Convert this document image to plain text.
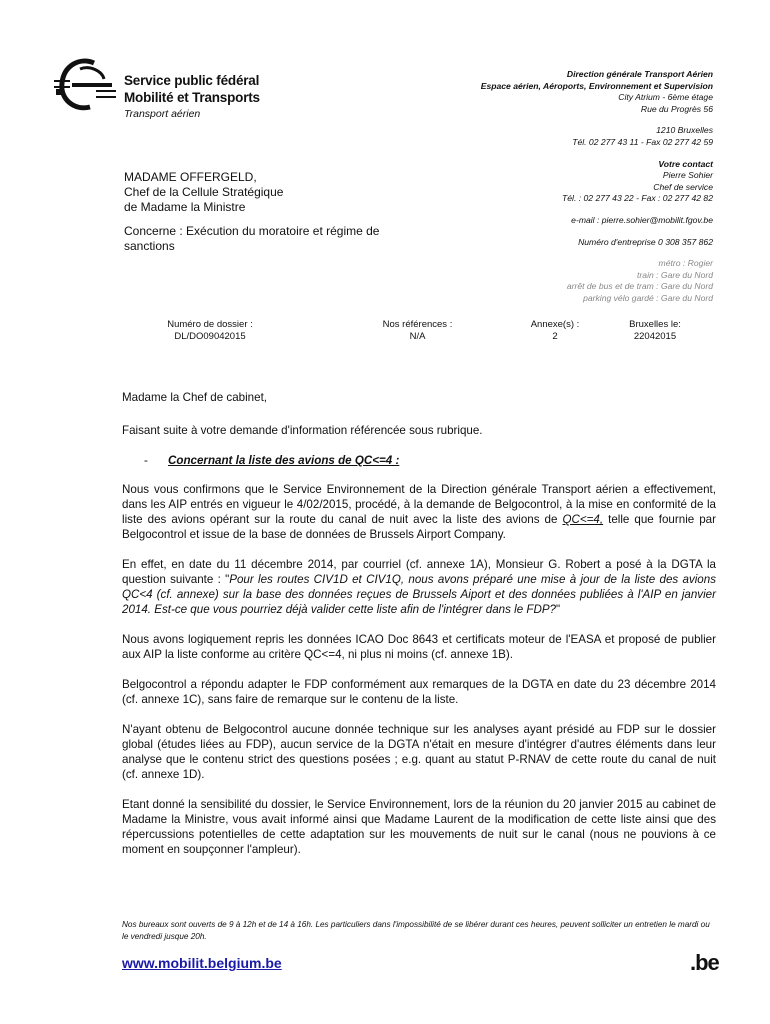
Service public fédéral
Mobilité et Transports
Transport aérien
Direction générale Transport Aérien
Espace aérien, Aéroports, Environnement et Supervision
City Atrium - 6ème étage
Rue du Progrès 56
1210 Bruxelles
Tél. 02 277 43 11 - Fax 02 277 42 59
Votre contact
Pierre Sohier
Chef de service
Tél. : 02 277 43 22 - Fax : 02 277 42 82
e-mail : pierre.sohier@mobilit.fgov.be
Numéro d'entreprise 0 308 357 862
métro : Rogier
train : Gare du Nord
arrêt de bus et de tram : Gare du Nord
parking vélo gardé : Gare du Nord
MADAME OFFERGELD,
Chef de la Cellule Stratégique
de Madame la Ministre
Concerne : Exécution du moratoire et régime de sanctions
Numéro de dossier :
DL/DO09042015
Nos références :
N/A
Annexe(s) :
2
Bruxelles le:
22042015

Madame la Chef de cabinet,

Faisant suite à votre demande d'information référencée sous rubrique.

- Concernant la liste des avions de QC<=4 :

Nous vous confirmons que le Service Environnement de la Direction générale Transport aérien a effectivement, dans les AIP entrés en vigueur le 4/02/2015, procédé, à la demande de Belgocontrol, à la mise en conformité de la liste des avions opérant sur la route du canal de nuit avec la liste des avions de QC<=4, telle que fournie par Belgocontrol et issue de la base de données de Brussels Airport Company.

En effet, en date du 11 décembre 2014, par courriel (cf. annexe 1A), Monsieur G. Robert a posé à la DGTA la question suivante : "Pour les routes CIV1D et CIV1Q, nous avons préparé une mise à jour de la liste des avions QC<4 (cf. annexe) sur la base des données reçues de Brussels Aiport et des données publiées à l'AIP en janvier 2014. Est-ce que vous pourriez déjà valider cette liste afin de l'intégrer dans le FDP?"

Nous avons logiquement repris les données ICAO Doc 8643 et certificats moteur de l'EASA et proposé de publier aux AIP la liste conforme au critère QC<=4, ni plus ni moins (cf. annexe 1B).

Belgocontrol a répondu adapter le FDP conformément aux remarques de la DGTA en date du 23 décembre 2014 (cf. annexe 1C), sans faire de remarque sur le contenu de la liste.

N'ayant obtenu de Belgocontrol aucune donnée technique sur les analyses ayant présidé au FDP sur le dossier global (études liées au FDP), aucun service de la DGTA n'était en mesure d'intégrer d'autres éléments dans leur analyse que le contenu strict des questions posées ; e.g. quant au statut P-RNAV de cette route du canal de nuit (cf. annexe 1D).

Etant donné la sensibilité du dossier, le Service Environnement, lors de la réunion du 20 janvier 2015 au cabinet de Madame la Ministre, vous avait informé ainsi que Madame Laurent de la modification de cette liste ainsi que des répercussions potentielles de cette adaptation sur les mouvements de nuit sur le canal (nous ne pouvions à ce moment en soupçonner l'ampleur).

Nos bureaux sont ouverts de 9 à 12h et de 14 à 16h. Les particuliers dans l'impossibilité de se libérer durant ces heures, peuvent solliciter un entretien le mardi ou le vendredi jusque 20h.
www.mobilit.belgium.be	.be
